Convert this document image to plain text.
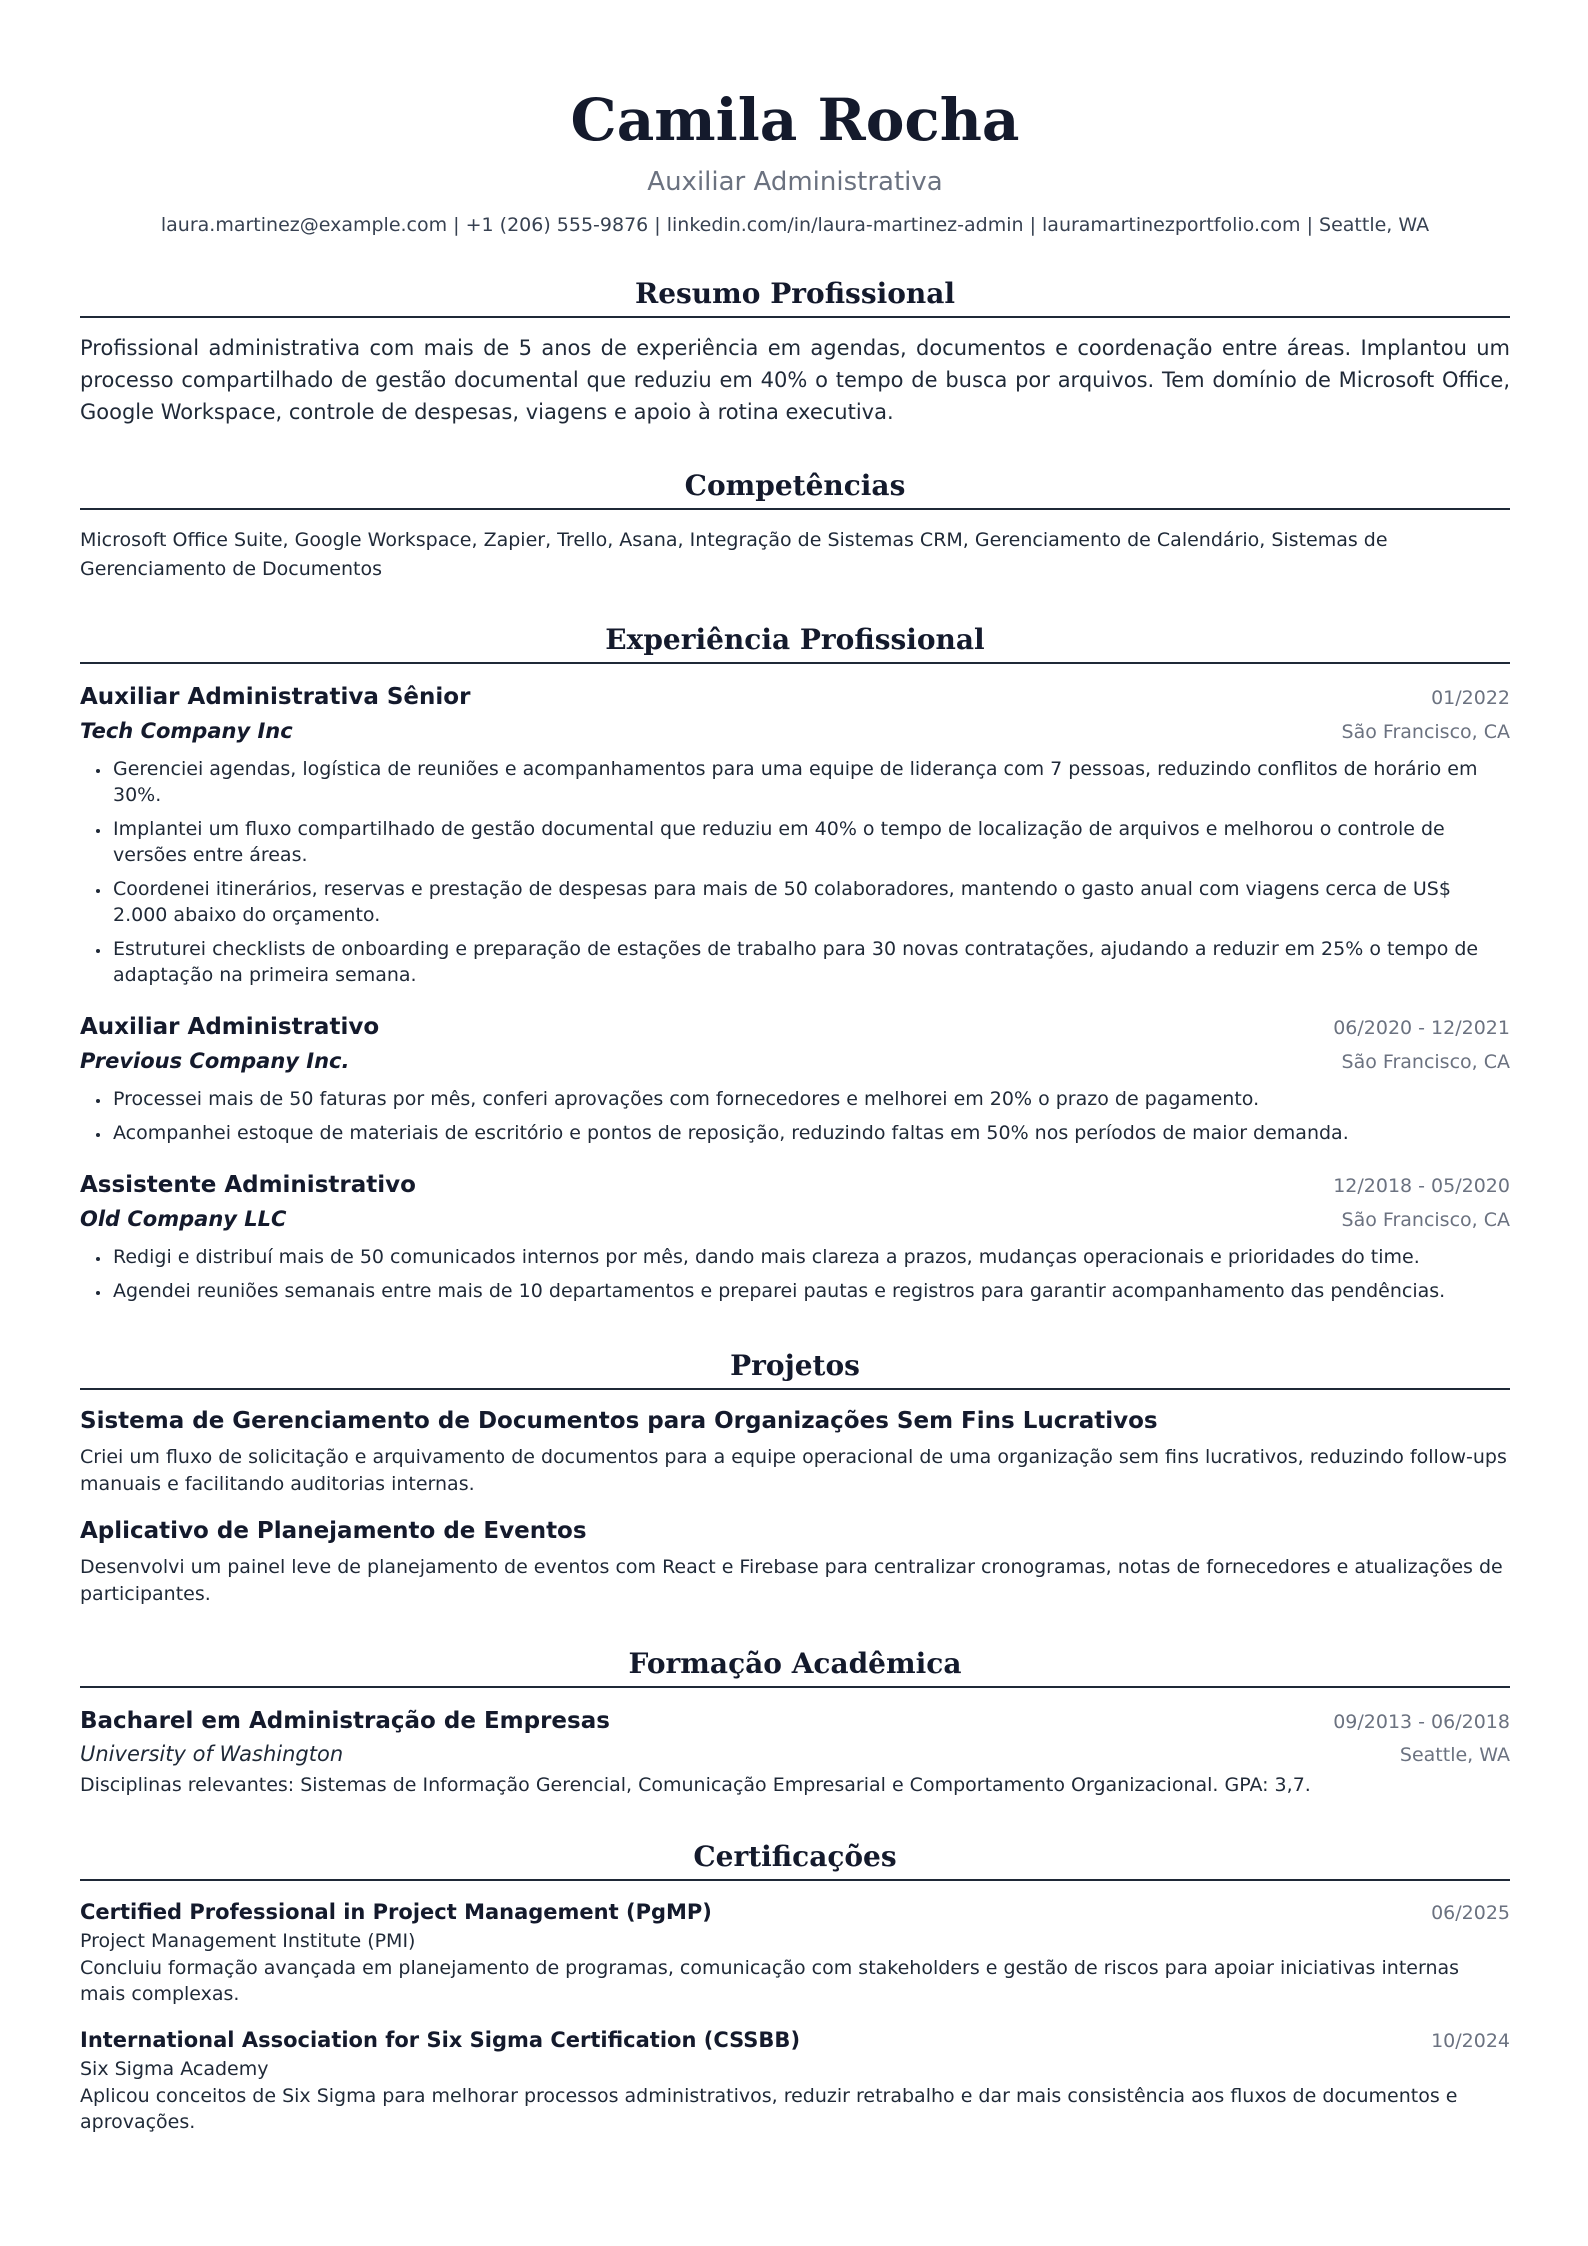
Camila Rocha
Auxiliar Administrativa
laura.martinez@example.com | +1 (206) 555-9876 | linkedin.com/in/laura-martinez-admin | lauramartinezportfolio.com | Seattle, WA
Resumo Profissional
Profissional administrativa com mais de 5 anos de experiência em agendas, documentos e coordenação entre áreas. Implantou um processo compartilhado de gestão documental que reduziu em 40% o tempo de busca por arquivos. Tem domínio de Microsoft Office, Google Workspace, controle de despesas, viagens e apoio à rotina executiva.
Competências
Microsoft Office Suite, Google Workspace, Zapier, Trello, Asana, Integração de Sistemas CRM, Gerenciamento de Calendário, Sistemas de Gerenciamento de Documentos
Experiência Profissional
Auxiliar Administrativa Sênior	01/2022
Tech Company Inc	São Francisco, CA
• Gerenciei agendas, logística de reuniões e acompanhamentos para uma equipe de liderança com 7 pessoas, reduzindo conflitos de horário em 30%.
• Implantei um fluxo compartilhado de gestão documental que reduziu em 40% o tempo de localização de arquivos e melhorou o controle de versões entre áreas.
• Coordenei itinerários, reservas e prestação de despesas para mais de 50 colaboradores, mantendo o gasto anual com viagens cerca de US$ 2.000 abaixo do orçamento.
• Estruturei checklists de onboarding e preparação de estações de trabalho para 30 novas contratações, ajudando a reduzir em 25% o tempo de adaptação na primeira semana.
Auxiliar Administrativo	06/2020 - 12/2021
Previous Company Inc.	São Francisco, CA
• Processei mais de 50 faturas por mês, conferi aprovações com fornecedores e melhorei em 20% o prazo de pagamento.
• Acompanhei estoque de materiais de escritório e pontos de reposição, reduzindo faltas em 50% nos períodos de maior demanda.
Assistente Administrativo	12/2018 - 05/2020
Old Company LLC	São Francisco, CA
• Redigi e distribuí mais de 50 comunicados internos por mês, dando mais clareza a prazos, mudanças operacionais e prioridades do time.
• Agendei reuniões semanais entre mais de 10 departamentos e preparei pautas e registros para garantir acompanhamento das pendências.
Projetos
Sistema de Gerenciamento de Documentos para Organizações Sem Fins Lucrativos
Criei um fluxo de solicitação e arquivamento de documentos para a equipe operacional de uma organização sem fins lucrativos, reduzindo follow-ups manuais e facilitando auditorias internas.
Aplicativo de Planejamento de Eventos
Desenvolvi um painel leve de planejamento de eventos com React e Firebase para centralizar cronogramas, notas de fornecedores e atualizações de participantes.
Formação Acadêmica
Bacharel em Administração de Empresas	09/2013 - 06/2018
University of Washington	Seattle, WA
Disciplinas relevantes: Sistemas de Informação Gerencial, Comunicação Empresarial e Comportamento Organizacional. GPA: 3,7.
Certificações
Certified Professional in Project Management (PgMP)	06/2025
Project Management Institute (PMI)
Concluiu formação avançada em planejamento de programas, comunicação com stakeholders e gestão de riscos para apoiar iniciativas internas mais complexas.
International Association for Six Sigma Certification (CSSBB)	10/2024
Six Sigma Academy
Aplicou conceitos de Six Sigma para melhorar processos administrativos, reduzir retrabalho e dar mais consistência aos fluxos de documentos e aprovações.
